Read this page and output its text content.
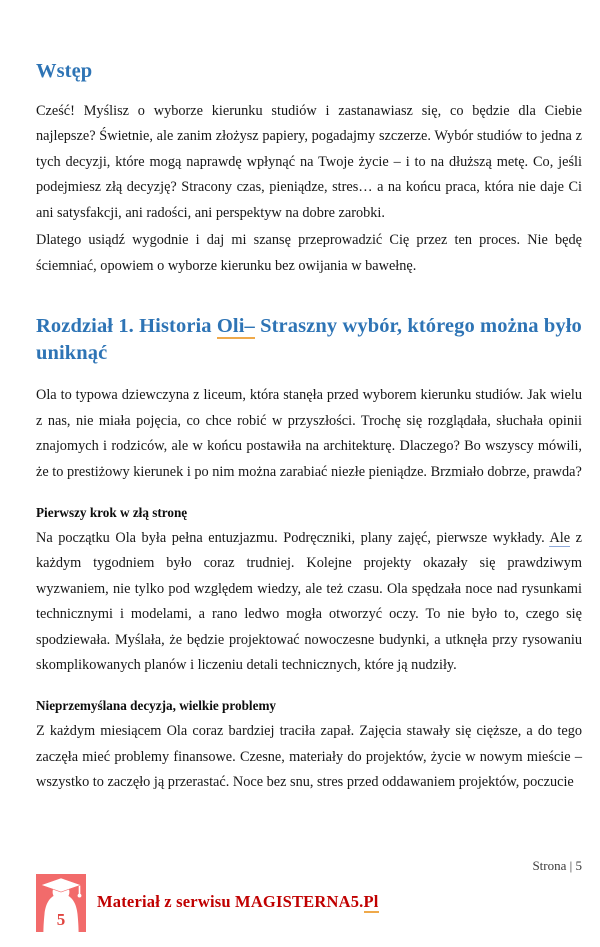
Wstęp

Cześć! Myślisz o wyborze kierunku studiów i zastanawiasz się, co będzie dla Ciebie najlepsze? Świetnie, ale zanim złożysz papiery, pogadajmy szczerze. Wybór studiów to jedna z tych decyzji, które mogą naprawdę wpłynąć na Twoje życie – i to na dłuższą metę. Co, jeśli podejmiesz złą decyzję? Stracony czas, pieniądze, stres… a na końcu praca, która nie daje Ci ani satysfakcji, ani radości, ani perspektyw na dobre zarobki.

Dlatego usiądź wygodnie i daj mi szansę przeprowadzić Cię przez ten proces. Nie będę ściemniać, opowiem o wyborze kierunku bez owijania w bawełnę.

Rozdział 1. Historia Oli– Straszny wybór, którego można było uniknąć

Ola to typowa dziewczyna z liceum, która stanęła przed wyborem kierunku studiów. Jak wielu z nas, nie miała pojęcia, co chce robić w przyszłości. Trochę się rozglądała, słuchała opinii znajomych i rodziców, ale w końcu postawiła na architekturę. Dlaczego? Bo wszyscy mówili, że to prestiżowy kierunek i po nim można zarabiać niezłe pieniądze. Brzmiało dobrze, prawda?

Pierwszy krok w złą stronę

Na początku Ola była pełna entuzjazmu. Podręczniki, plany zajęć, pierwsze wykłady. Ale z każdym tygodniem było coraz trudniej. Kolejne projekty okazały się prawdziwym wyzwaniem, nie tylko pod względem wiedzy, ale też czasu. Ola spędzała noce nad rysunkami technicznymi i modelami, a rano ledwo mogła otworzyć oczy. To nie było to, czego się spodziewała. Myślała, że będzie projektować nowoczesne budynki, a utknęła przy rysowaniu skomplikowanych planów i liczeniu detali technicznych, które ją nudziły.

Nieprzemyślana decyzja, wielkie problemy

Z każdym miesiącem Ola coraz bardziej traciła zapał. Zajęcia stawały się cięższe, a do tego zaczęła mieć problemy finansowe. Czesne, materiały do projektów, życie w nowym mieście – wszystko to zaczęło ją przerastać. Noce bez snu, stres przed oddawaniem projektów, poczucie

Strona | 5
5
Materiał z serwisu MAGISTERNA5.Pl
